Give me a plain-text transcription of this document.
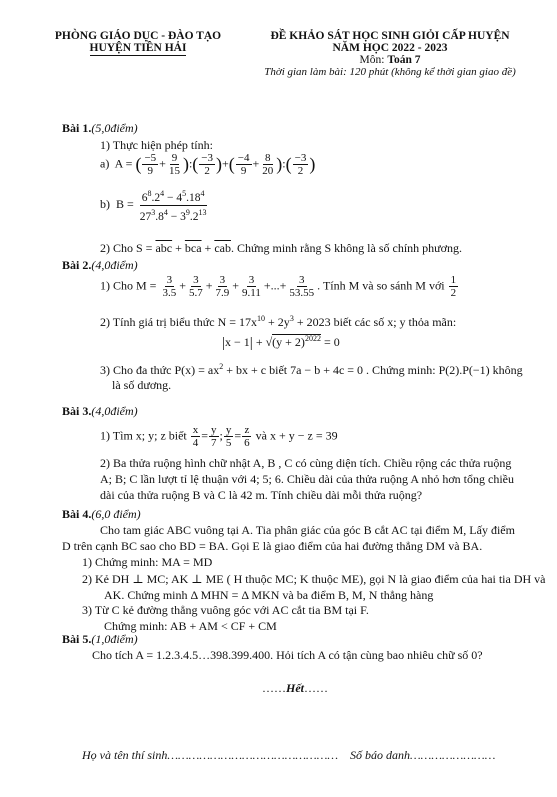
PHÒNG GIÁO DỤC - ĐÀO TẠO
HUYỆN TIỀN HẢI
ĐỀ KHẢO SÁT HỌC SINH GIỎI CẤP HUYỆN
NĂM HỌC 2022 - 2023
Môn: Toán 7
Thời gian làm bài: 120 phút (không kể thời gian giao đề)
Bài 1.(5,0điểm)
1) Thực hiện phép tính:
a)  A = ( $\frac{-5}{9} + \frac{9}{15}$ ):( $\frac{-3}{2}$ )+( $\frac{-4}{9} + \frac{8}{20}$ ):( $\frac{-3}{2}$ )
b)  $B = \frac{6^8.2^4 - 4^5.18^4}{27^3.8^4 - 3^9.2^{13}}$
2) Cho $S = \overline{abc} + \overline{bca} + \overline{cab}$. Chứng minh rằng S không là số chính phương.
Bài 2.(4,0điểm)
1) Cho $M = \frac{3}{3.5} + \frac{3}{5.7} + \frac{3}{7.9} + \frac{3}{9.11}$ +...+ $\frac{3}{53.55}$ . Tính M và so sánh M với $\frac{1}{2}$
2) Tính giá trị biểu thức $N = 17x^{10} + 2y^3 + 2023$ biết các số x; y thỏa mãn:
$|x - 1| + √(y + 2)^{2022} = 0$
3) Cho đa thức $P(x) = ax^2$ + bx + c biết 7a − b + 4c = 0 . Chứng minh: P(2).P(−1) không
là số dương.
Bài 3.(4,0điểm)
1) Tìm x; y; z biết $\frac{x}{4} = \frac{y}{7}$ ; $\frac{y}{5} = \frac{z}{6}$ và x + y − z = 39
2) Ba thửa ruộng hình chữ nhật A, B , C có cùng diện tích. Chiều rộng các thửa ruộng A; B; C lần lượt tỉ lệ thuận với 4; 5; 6. Chiều dài của thửa ruộng A nhỏ hơn tổng chiều dài của thửa ruộng B và C là 42 m. Tính chiều dài mỗi thửa ruộng?
Bài 4.(6,0 điểm)
Cho tam giác ABC vuông tại A. Tia phân giác của góc B cắt AC tại điểm M, Lấy điểm D trên cạnh BC sao cho BD = BA. Gọi E là giao điểm của hai đường thẳng DM và BA.
1) Chứng minh: MA = MD
2) Kẻ DH ⊥ MC; AK ⊥ ME ( H thuộc MC; K thuộc ME), gọi N là giao điểm của hai tia DH và AK. Chứng minh Δ MHN = Δ MKN và ba điểm B, M, N thẳng hàng
3) Từ C kẻ đường thẳng vuông góc với AC cắt tia BM tại F.
Chứng minh: AB + AM < CF + CM
Bài 5.(1,0điểm)
Cho tích A = 1.2.3.4.5…398.399.400. Hỏi tích A có tận cùng bao nhiêu chữ số 0?
……Hết……
Họ và tên thí sinh………………………………………… Số báo danh……………………
